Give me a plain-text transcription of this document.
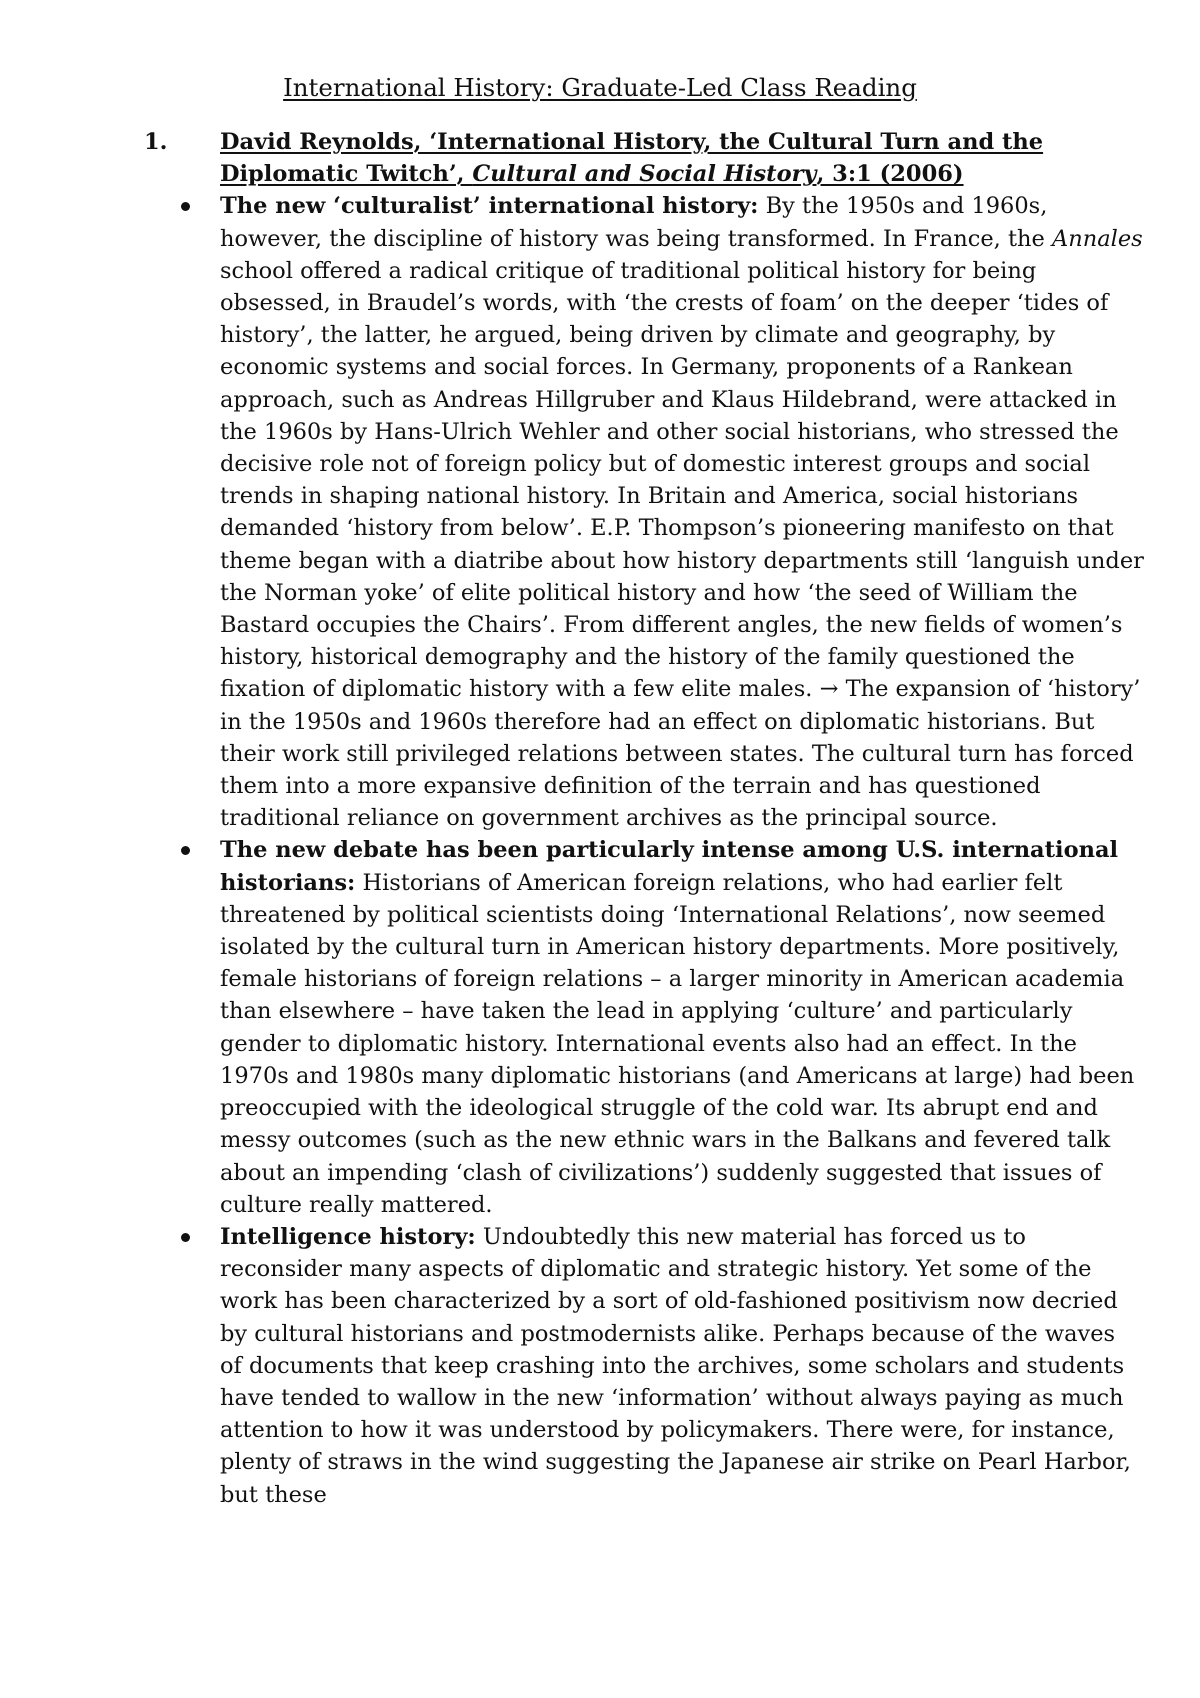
International History: Graduate-Led Class Reading
1. David Reynolds, ‘International History, the Cultural Turn and the Diplomatic Twitch’, Cultural and Social History, 3:1 (2006)
The new ‘culturalist’ international history: By the 1950s and 1960s, however, the discipline of history was being transformed. In France, the Annales school offered a radical critique of traditional political history for being obsessed, in Braudel’s words, with ‘the crests of foam’ on the deeper ‘tides of history’, the latter, he argued, being driven by climate and geography, by economic systems and social forces. In Germany, proponents of a Rankean approach, such as Andreas Hillgruber and Klaus Hildebrand, were attacked in the 1960s by Hans-Ulrich Wehler and other social historians, who stressed the decisive role not of foreign policy but of domestic interest groups and social trends in shaping national history. In Britain and America, social historians demanded ‘history from below’. E.P. Thompson’s pioneering manifesto on that theme began with a diatribe about how history departments still ‘languish under the Norman yoke’ of elite political history and how ‘the seed of William the Bastard occupies the Chairs’. From different angles, the new fields of women’s history, historical demography and the history of the family questioned the fixation of diplomatic history with a few elite males. → The expansion of ‘history’ in the 1950s and 1960s therefore had an effect on diplomatic historians. But their work still privileged relations between states. The cultural turn has forced them into a more expansive definition of the terrain and has questioned traditional reliance on government archives as the principal source.
The new debate has been particularly intense among U.S. international historians: Historians of American foreign relations, who had earlier felt threatened by political scientists doing ‘International Relations’, now seemed isolated by the cultural turn in American history departments. More positively, female historians of foreign relations – a larger minority in American academia than elsewhere – have taken the lead in applying ‘culture’ and particularly gender to diplomatic history. International events also had an effect. In the 1970s and 1980s many diplomatic historians (and Americans at large) had been preoccupied with the ideological struggle of the cold war. Its abrupt end and messy outcomes (such as the new ethnic wars in the Balkans and fevered talk about an impending ‘clash of civilizations’) suddenly suggested that issues of culture really mattered.
Intelligence history: Undoubtedly this new material has forced us to reconsider many aspects of diplomatic and strategic history. Yet some of the work has been characterized by a sort of old-fashioned positivism now decried by cultural historians and postmodernists alike. Perhaps because of the waves of documents that keep crashing into the archives, some scholars and students have tended to wallow in the new ‘information’ without always paying as much attention to how it was understood by policymakers. There were, for instance, plenty of straws in the wind suggesting the Japanese air strike on Pearl Harbor, but these
